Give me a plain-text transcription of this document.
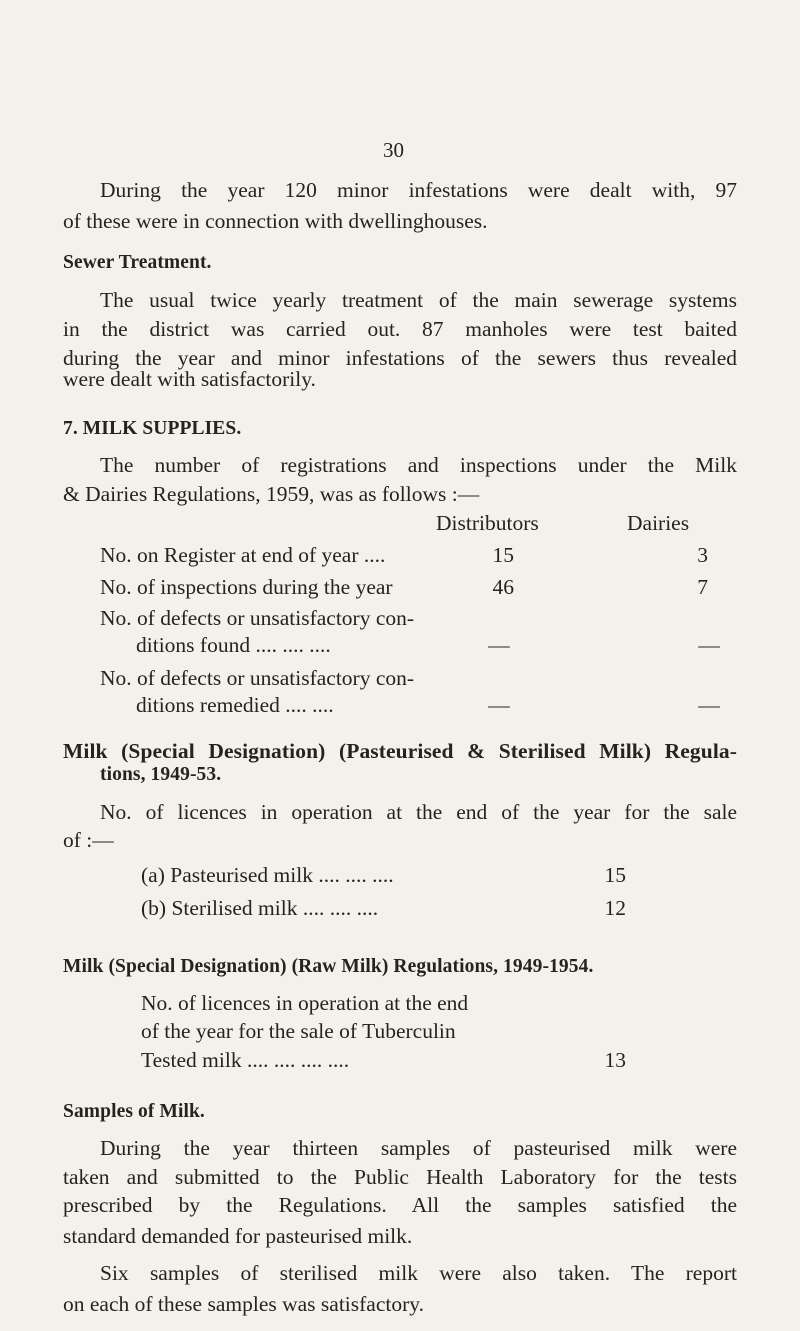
30
During the year 120 minor infestations were dealt with, 97
of these were in connection with dwellinghouses.
Sewer Treatment.
The usual twice yearly treatment of the main sewerage systems
in the district was carried out. 87 manholes were test baited
during the year and minor infestations of the sewers thus revealed
were dealt with satisfactorily.
7. MILK SUPPLIES.
The number of registrations and inspections under the Milk
& Dairies Regulations, 1959, was as follows :—
Distributors	Dairies
No. on Register at end of year ....	15	3
No. of inspections during the year	46	7
No. of defects or unsatisfactory con-
ditions found .... .... ....	—	—
No. of defects or unsatisfactory con-
ditions remedied .... ....	—	—
Milk (Special Designation) (Pasteurised & Sterilised Milk) Regula-
tions, 1949-53.
No. of licences in operation at the end of the year for the sale
of :—
(a) Pasteurised milk .... .... ....	15
(b) Sterilised milk .... .... ....	12
Milk (Special Designation) (Raw Milk) Regulations, 1949-1954.
No. of licences in operation at the end
of the year for the sale of Tuberculin
Tested milk .... .... .... ....	13
Samples of Milk.
During the year thirteen samples of pasteurised milk were
taken and submitted to the Public Health Laboratory for the tests
prescribed by the Regulations. All the samples satisfied the
standard demanded for pasteurised milk.
Six samples of sterilised milk were also taken. The report
on each of these samples was satisfactory.
